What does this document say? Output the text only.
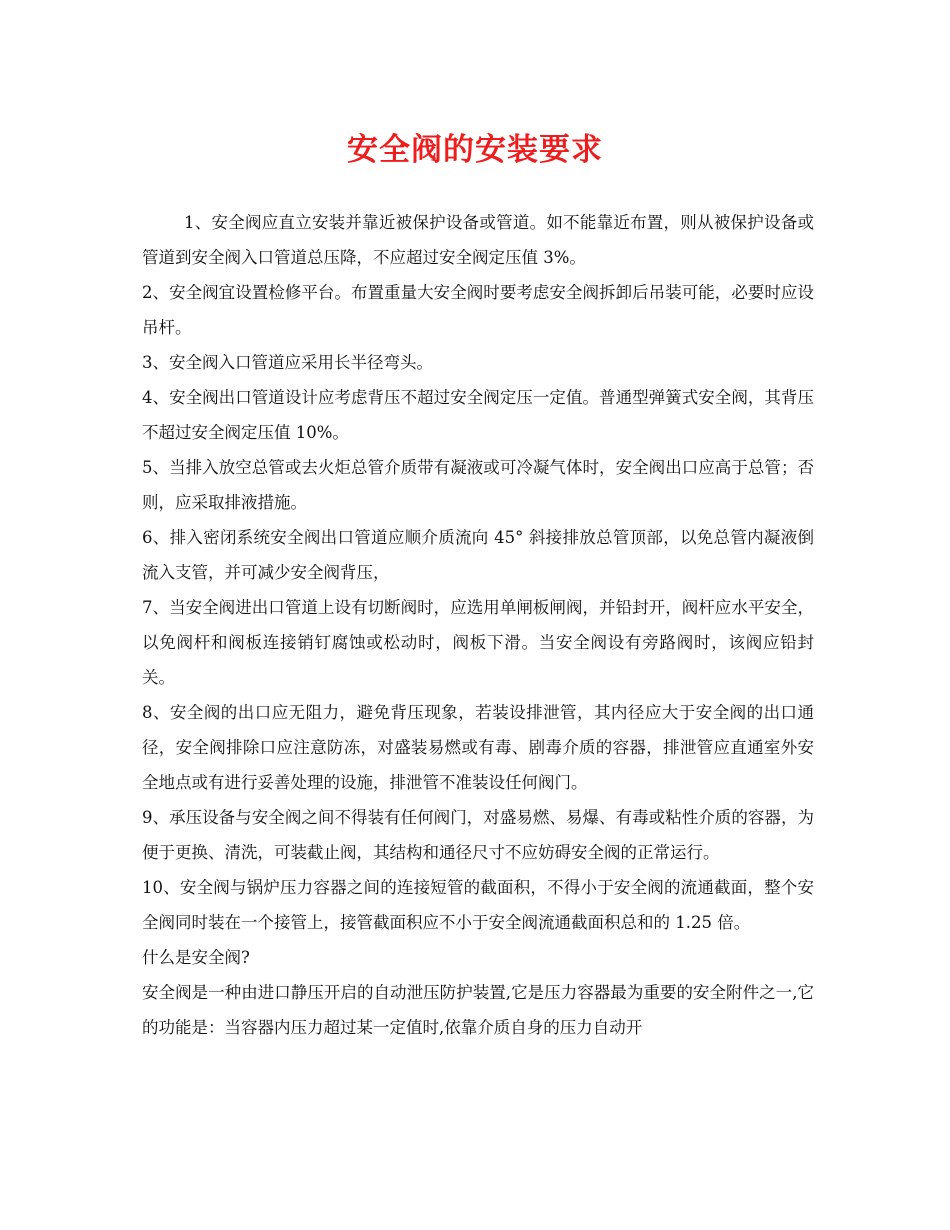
安全阀的安装要求

1、安全阀应直立安装并靠近被保护设备或管道。如不能靠近布置，则从被保护设备或管道到安全阀入口管道总压降，不应超过安全阀定压值 3%。

2、安全阀宜设置检修平台。布置重量大安全阀时要考虑安全阀拆卸后吊装可能，必要时应设吊杆。

3、安全阀入口管道应采用长半径弯头。

4、安全阀出口管道设计应考虑背压不超过安全阀定压一定值。普通型弹簧式安全阀，其背压不超过安全阀定压值 10%。

5、当排入放空总管或去火炬总管介质带有凝液或可冷凝气体时，安全阀出口应高于总管；否则，应采取排液措施。

6、排入密闭系统安全阀出口管道应顺介质流向 45° 斜接排放总管顶部，以免总管内凝液倒流入支管，并可减少安全阀背压，

7、当安全阀进出口管道上设有切断阀时，应选用单闸板闸阀，并铅封开，阀杆应水平安全，以免阀杆和阀板连接销钉腐蚀或松动时，阀板下滑。当安全阀设有旁路阀时，该阀应铅封关。

8、安全阀的出口应无阻力，避免背压现象，若装设排泄管，其内径应大于安全阀的出口通径，安全阀排除口应注意防冻，对盛装易燃或有毒、剧毒介质的容器，排泄管应直通室外安全地点或有进行妥善处理的设施，排泄管不准装设任何阀门。

9、承压设备与安全阀之间不得装有任何阀门，对盛易燃、易爆、有毒或粘性介质的容器，为便于更换、清洗，可装截止阀，其结构和通径尺寸不应妨碍安全阀的正常运行。

10、安全阀与锅炉压力容器之间的连接短管的截面积，不得小于安全阀的流通截面，整个安全阀同时装在一个接管上，接管截面积应不小于安全阀流通截面积总和的 1.25 倍。

什么是安全阀?

安全阀是一种由进口静压开启的自动泄压防护装置,它是压力容器最为重要的安全附件之一,它的功能是：当容器内压力超过某一定值时,依靠介质自身的压力自动开
